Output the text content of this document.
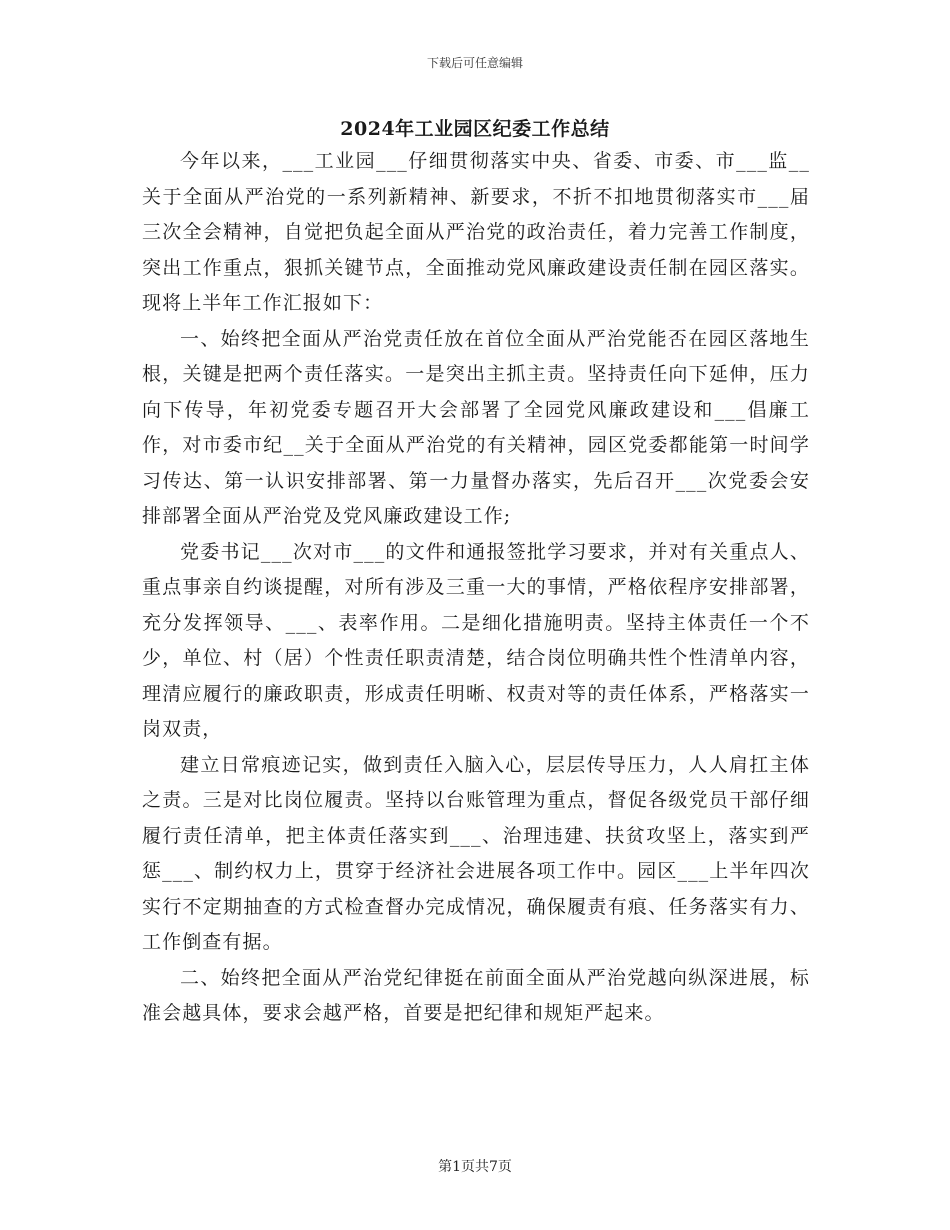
下载后可任意编辑
2024年工业园区纪委工作总结

今年以来，___工业园___仔细贯彻落实中央、省委、市委、市___监__关于全面从严治党的一系列新精神、新要求，不折不扣地贯彻落实市___届三次全会精神，自觉把负起全面从严治党的政治责任，着力完善工作制度，突出工作重点，狠抓关键节点，全面推动党风廉政建设责任制在园区落实。现将上半年工作汇报如下：

一、始终把全面从严治党责任放在首位全面从严治党能否在园区落地生根，关键是把两个责任落实。一是突出主抓主责。坚持责任向下延伸，压力向下传导，年初党委专题召开大会部署了全园党风廉政建设和___倡廉工作，对市委市纪__关于全面从严治党的有关精神，园区党委都能第一时间学习传达、第一认识安排部署、第一力量督办落实，先后召开___次党委会安排部署全面从严治党及党风廉政建设工作;

党委书记___次对市___的文件和通报签批学习要求，并对有关重点人、重点事亲自约谈提醒，对所有涉及三重一大的事情，严格依程序安排部署，充分发挥领导、___、表率作用。二是细化措施明责。坚持主体责任一个不少，单位、村（居）个性责任职责清楚，结合岗位明确共性个性清单内容，理清应履行的廉政职责，形成责任明晰、权责对等的责任体系，严格落实一岗双责，

建立日常痕迹记实，做到责任入脑入心，层层传导压力，人人肩扛主体之责。三是对比岗位履责。坚持以台账管理为重点，督促各级党员干部仔细履行责任清单，把主体责任落实到___、治理违建、扶贫攻坚上，落实到严惩___、制约权力上，贯穿于经济社会进展各项工作中。园区___上半年四次实行不定期抽查的方式检查督办完成情况，确保履责有痕、任务落实有力、工作倒查有据。

二、始终把全面从严治党纪律挺在前面全面从严治党越向纵深进展，标准会越具体，要求会越严格，首要是把纪律和规矩严起来。

第1页共7页
